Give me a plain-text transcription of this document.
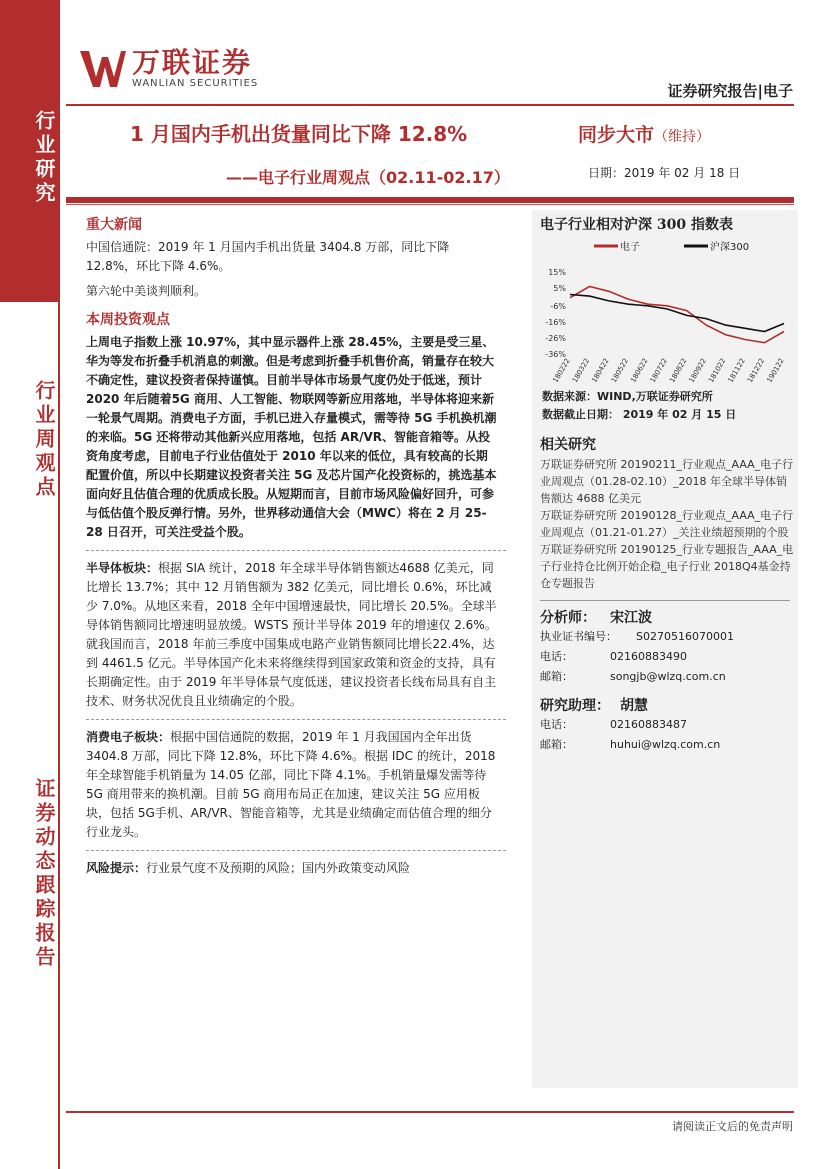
行业研究
行业周观点
证券动态跟踪报告
万联证券
WANLIAN SECURITIES	证券研究报告|电子
1 月国内手机出货量同比下降 12.8%
——电子行业周观点（02.11-02.17）
同步大市（维持）
日期：2019 年 02 月 18 日
重大新闻

中国信通院：2019 年 1 月国内手机出货量 3404.8 万部，同比下降 12.8%，环比下降 4.6%。

第六轮中美谈判顺利。

本周投资观点

上周电子指数上涨 10.97%，其中显示器件上涨 28.45%，主要是受三星、华为等发布折叠手机消息的刺激。但是考虑到折叠手机售价高，销量存在较大不确定性，建议投资者保持谨慎。目前半导体市场景气度仍处于低迷，预计 2020 年后随着5G 商用、人工智能、物联网等新应用落地，半导体将迎来新一轮景气周期。消费电子方面，手机已进入存量模式，需等待 5G 手机换机潮的来临。5G 还将带动其他新兴应用落地，包括 AR/VR、智能音箱等。从投资角度考虑，目前电子行业估值处于 2010 年以来的低位，具有较高的长期配置价值，所以中长期建议投资者关注 5G 及芯片国产化投资标的，挑选基本面向好且估值合理的优质成长股。从短期而言，目前市场风险偏好回升，可参与低估值个股反弹行情。另外，世界移动通信大会（MWC）将在 2 月 25-28 日召开，可关注受益个股。

半导体板块：根据 SIA 统计，2018 年全球半导体销售额达4688 亿美元，同比增长 13.7%；其中 12 月销售额为 382 亿美元，同比增长 0.6%，环比减少 7.0%。从地区来看，2018 全年中国增速最快，同比增长 20.5%。全球半导体销售额同比增速明显放缓。WSTS 预计半导体 2019 年的增速仅 2.6%。就我国而言，2018 年前三季度中国集成电路产业销售额同比增长22.4%，达到 4461.5 亿元。半导体国产化未来将继续得到国家政策和资金的支持，具有长期确定性。由于 2019 年半导体景气度低迷，建议投资者长线布局具有自主技术、财务状况优良且业绩确定的个股。

消费电子板块：根据中国信通院的数据，2019 年 1 月我国国内全年出货 3404.8 万部，同比下降 12.8%，环比下降 4.6%。根据 IDC 的统计，2018 年全球智能手机销量为 14.05 亿部，同比下降 4.1%。手机销量爆发需等待 5G 商用带来的换机潮。目前 5G 商用布局正在加速，建议关注 5G 应用板块，包括 5G手机、AR/VR、智能音箱等，尤其是业绩确定而估值合理的细分行业龙头。

风险提示：行业景气度不及预期的风险；国内外政策变动风险

电子行业相对沪深 300 指数表
电子	沪深300
15%
5%
-6%
-16%
-26%
-36%
180222 180322 180422 180522 180622 180722 180822 180922 181022 181122 181222 190122
数据来源：WIND,万联证券研究所
数据截止日期： 2019 年 02 月 15 日
相关研究
万联证券研究所 20190211_行业观点_AAA_电子行业周观点（01.28-02.10）_2018 年全球半导体销售额达 4688 亿美元
万联证券研究所 20190128_行业观点_AAA_电子行业周观点（01.21-01.27）_关注业绩超预期的个股
万联证券研究所 20190125_行业专题报告_AAA_电子行业持仓比例开始企稳_电子行业 2018Q4基金持仓专题报告
分析师：	宋江波
执业证书编号：	S0270516070001
电话：	02160883490
邮箱：	songjb@wlzq.com.cn
研究助理： 胡慧
电话：	02160883487
邮箱：	huhui@wlzq.com.cn
请阅读正文后的免责声明
